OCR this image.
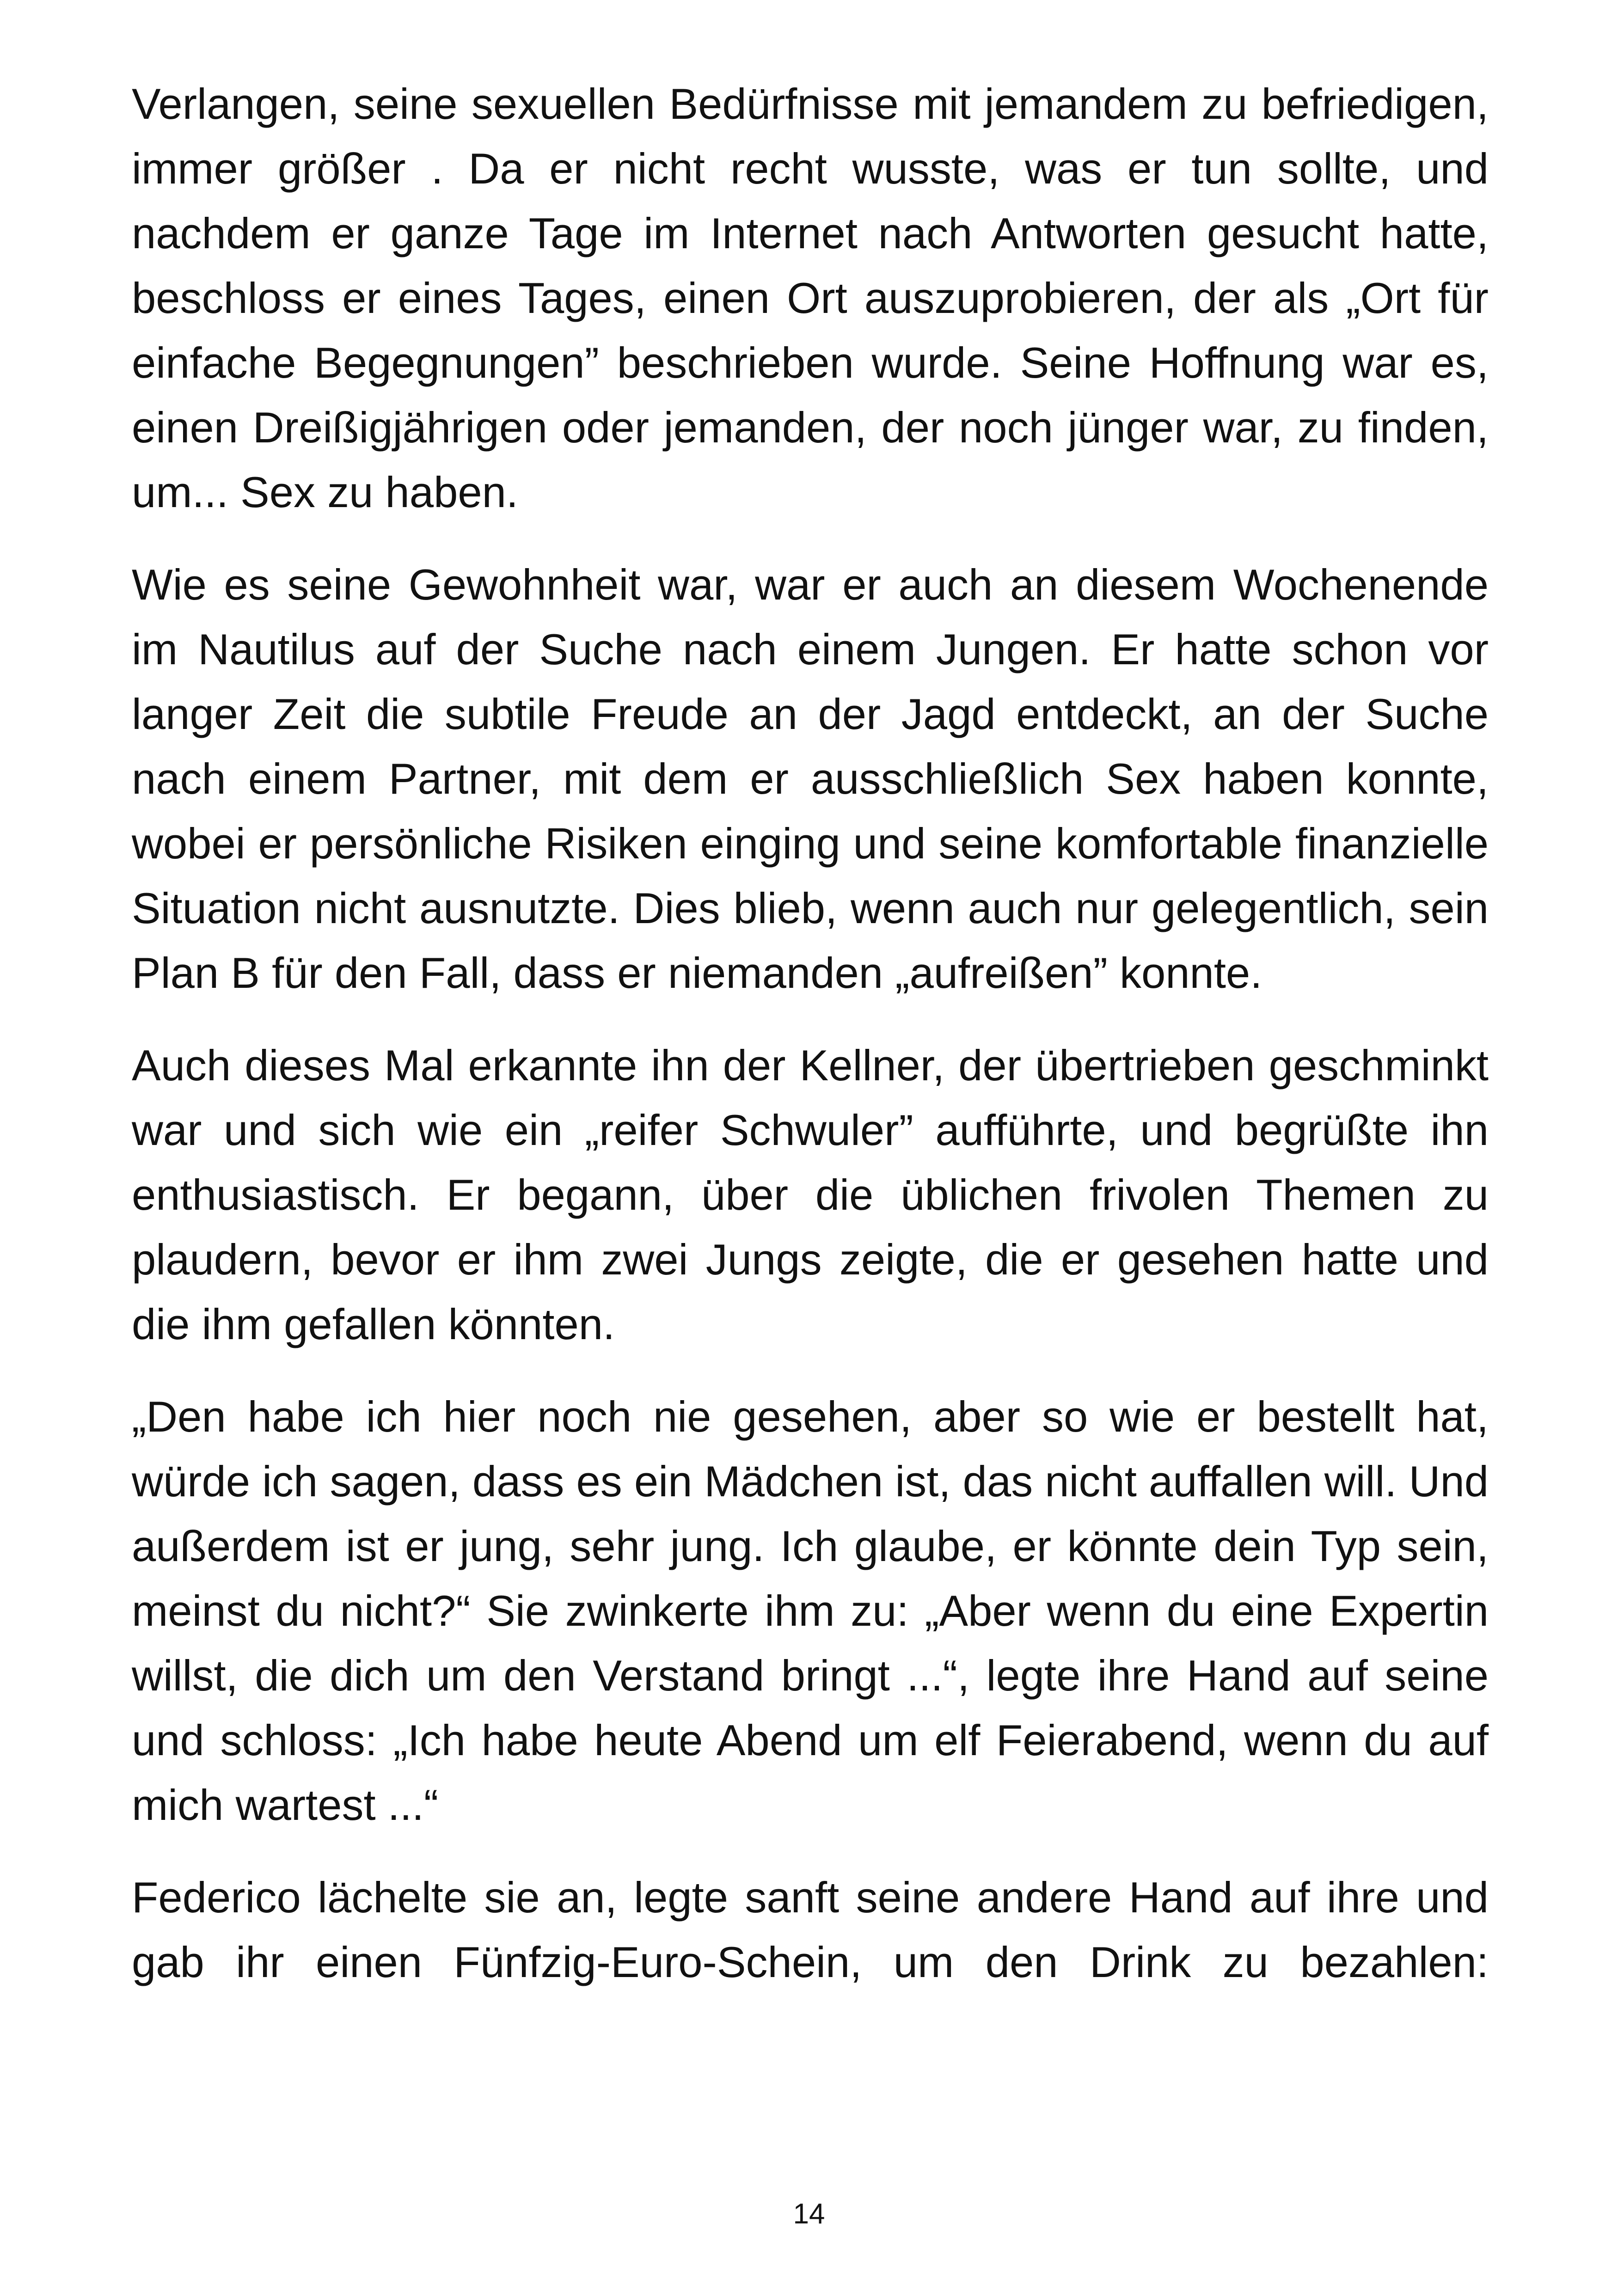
Verlangen, seine sexuellen Bedürfnisse mit jemandem zu befriedigen, immer größer . Da er nicht recht wusste, was er tun sollte, und nachdem er ganze Tage im Internet nach Antworten gesucht hatte, beschloss er eines Tages, einen Ort auszuprobieren, der als „Ort für einfache Begegnungen” beschrieben wurde. Seine Hoffnung war es, einen Dreißigjährigen oder jemanden, der noch jünger war, zu finden, um... Sex zu haben.

Wie es seine Gewohnheit war, war er auch an diesem Wochenende im Nautilus auf der Suche nach einem Jungen. Er hatte schon vor langer Zeit die subtile Freude an der Jagd entdeckt, an der Suche nach einem Partner, mit dem er ausschließlich Sex haben konnte, wobei er persönliche Risiken einging und seine komfortable finanzielle Situation nicht ausnutzte. Dies blieb, wenn auch nur gelegentlich, sein Plan B für den Fall, dass er niemanden „aufreißen” konnte.

Auch dieses Mal erkannte ihn der Kellner, der übertrieben geschminkt war und sich wie ein „reifer Schwuler” aufführte, und begrüßte ihn enthusiastisch. Er begann, über die üblichen frivolen Themen zu plaudern, bevor er ihm zwei Jungs zeigte, die er gesehen hatte und die ihm gefallen könnten.

„Den habe ich hier noch nie gesehen, aber so wie er bestellt hat, würde ich sagen, dass es ein Mädchen ist, das nicht auffallen will. Und außerdem ist er jung, sehr jung. Ich glaube, er könnte dein Typ sein, meinst du nicht?“ Sie zwinkerte ihm zu: „Aber wenn du eine Expertin willst, die dich um den Verstand bringt ...“, legte ihre Hand auf seine und schloss: „Ich habe heute Abend um elf Feierabend, wenn du auf mich wartest ...“

Federico lächelte sie an, legte sanft seine andere Hand auf ihre und gab ihr einen Fünfzig-Euro-Schein, um den Drink zu bezahlen:

14
